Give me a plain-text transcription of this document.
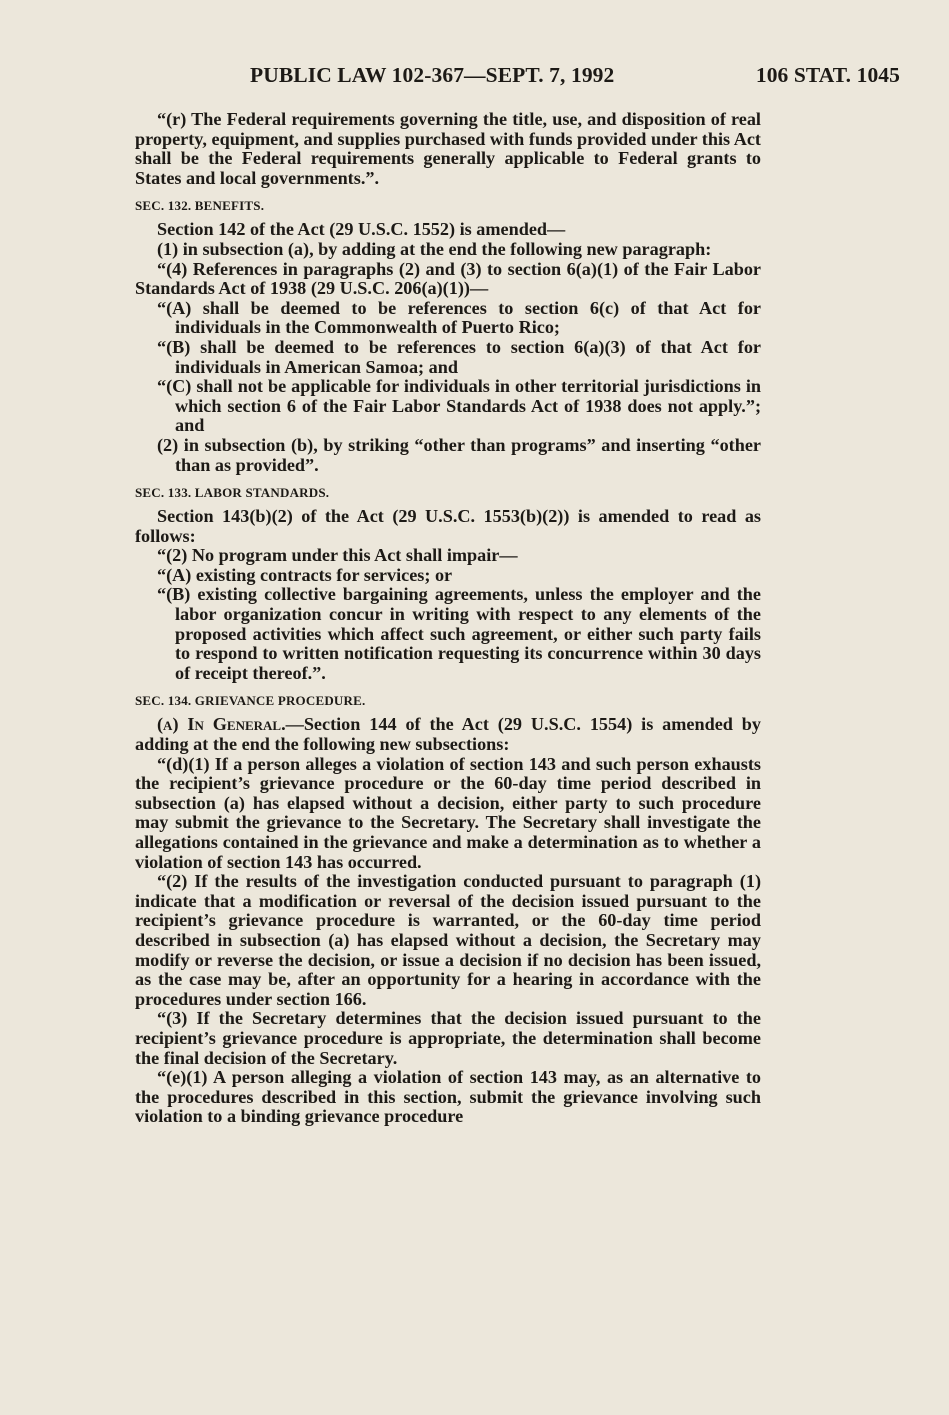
PUBLIC LAW 102-367—SEPT. 7, 1992	106 STAT. 1045

“(r) The Federal requirements governing the title, use, and disposition of real property, equipment, and supplies purchased with funds provided under this Act shall be the Federal requirements generally applicable to Federal grants to States and local governments.”.

SEC. 132. BENEFITS.

Section 142 of the Act (29 U.S.C. 1552) is amended—

(1) in subsection (a), by adding at the end the following new paragraph:

“(4) References in paragraphs (2) and (3) to section 6(a)(1) of the Fair Labor Standards Act of 1938 (29 U.S.C. 206(a)(1))—

“(A) shall be deemed to be references to section 6(c) of that Act for individuals in the Commonwealth of Puerto Rico;

“(B) shall be deemed to be references to section 6(a)(3) of that Act for individuals in American Samoa; and

“(C) shall not be applicable for individuals in other territorial jurisdictions in which section 6 of the Fair Labor Standards Act of 1938 does not apply.”; and

(2) in subsection (b), by striking “other than programs” and inserting “other than as provided”.

SEC. 133. LABOR STANDARDS.

Section 143(b)(2) of the Act (29 U.S.C. 1553(b)(2)) is amended to read as follows:

“(2) No program under this Act shall impair—

“(A) existing contracts for services; or

“(B) existing collective bargaining agreements, unless the employer and the labor organization concur in writing with respect to any elements of the proposed activities which affect such agreement, or either such party fails to respond to written notification requesting its concurrence within 30 days of receipt thereof.”.

SEC. 134. GRIEVANCE PROCEDURE.

(a) In General.—Section 144 of the Act (29 U.S.C. 1554) is amended by adding at the end the following new subsections:

“(d)(1) If a person alleges a violation of section 143 and such person exhausts the recipient’s grievance procedure or the 60-day time period described in subsection (a) has elapsed without a decision, either party to such procedure may submit the grievance to the Secretary. The Secretary shall investigate the allegations contained in the grievance and make a determination as to whether a violation of section 143 has occurred.

“(2) If the results of the investigation conducted pursuant to paragraph (1) indicate that a modification or reversal of the decision issued pursuant to the recipient’s grievance procedure is warranted, or the 60-day time period described in subsection (a) has elapsed without a decision, the Secretary may modify or reverse the decision, or issue a decision if no decision has been issued, as the case may be, after an opportunity for a hearing in accordance with the procedures under section 166.

“(3) If the Secretary determines that the decision issued pursuant to the recipient’s grievance procedure is appropriate, the determination shall become the final decision of the Secretary.

“(e)(1) A person alleging a violation of section 143 may, as an alternative to the procedures described in this section, submit the grievance involving such violation to a binding grievance procedure
